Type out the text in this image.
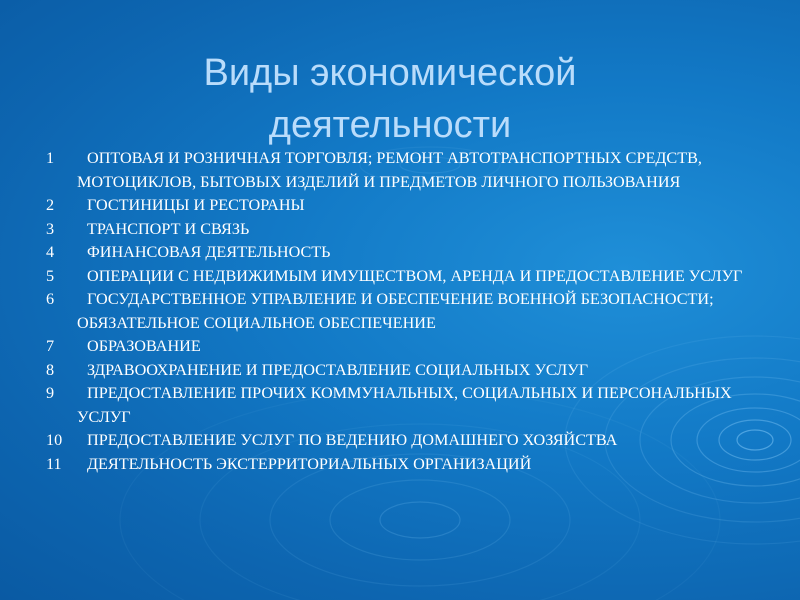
Виды экономической
деятельности
1	ОПТОВАЯ И РОЗНИЧНАЯ ТОРГОВЛЯ; РЕМОНТ АВТОТРАНСПОРТНЫХ СРЕДСТВ, МОТОЦИКЛОВ, БЫТОВЫХ ИЗДЕЛИЙ И ПРЕДМЕТОВ ЛИЧНОГО ПОЛЬЗОВАНИЯ
2	ГОСТИНИЦЫ И РЕСТОРАНЫ
3	ТРАНСПОРТ И СВЯЗЬ
4	ФИНАНСОВАЯ ДЕЯТЕЛЬНОСТЬ
5	ОПЕРАЦИИ С НЕДВИЖИМЫМ ИМУЩЕСТВОМ, АРЕНДА И ПРЕДОСТАВЛЕНИЕ УСЛУГ
6	ГОСУДАРСТВЕННОЕ УПРАВЛЕНИЕ И ОБЕСПЕЧЕНИЕ ВОЕННОЙ БЕЗОПАСНОСТИ; ОБЯЗАТЕЛЬНОЕ СОЦИАЛЬНОЕ ОБЕСПЕЧЕНИЕ
7	ОБРАЗОВАНИЕ
8	ЗДРАВООХРАНЕНИЕ И ПРЕДОСТАВЛЕНИЕ СОЦИАЛЬНЫХ УСЛУГ
9	ПРЕДОСТАВЛЕНИЕ ПРОЧИХ КОММУНАЛЬНЫХ, СОЦИАЛЬНЫХ И ПЕРСОНАЛЬНЫХ УСЛУГ
10	ПРЕДОСТАВЛЕНИЕ УСЛУГ ПО ВЕДЕНИЮ ДОМАШНЕГО ХОЗЯЙСТВА
11	ДЕЯТЕЛЬНОСТЬ ЭКСТЕРРИТОРИАЛЬНЫХ ОРГАНИЗАЦИЙ
